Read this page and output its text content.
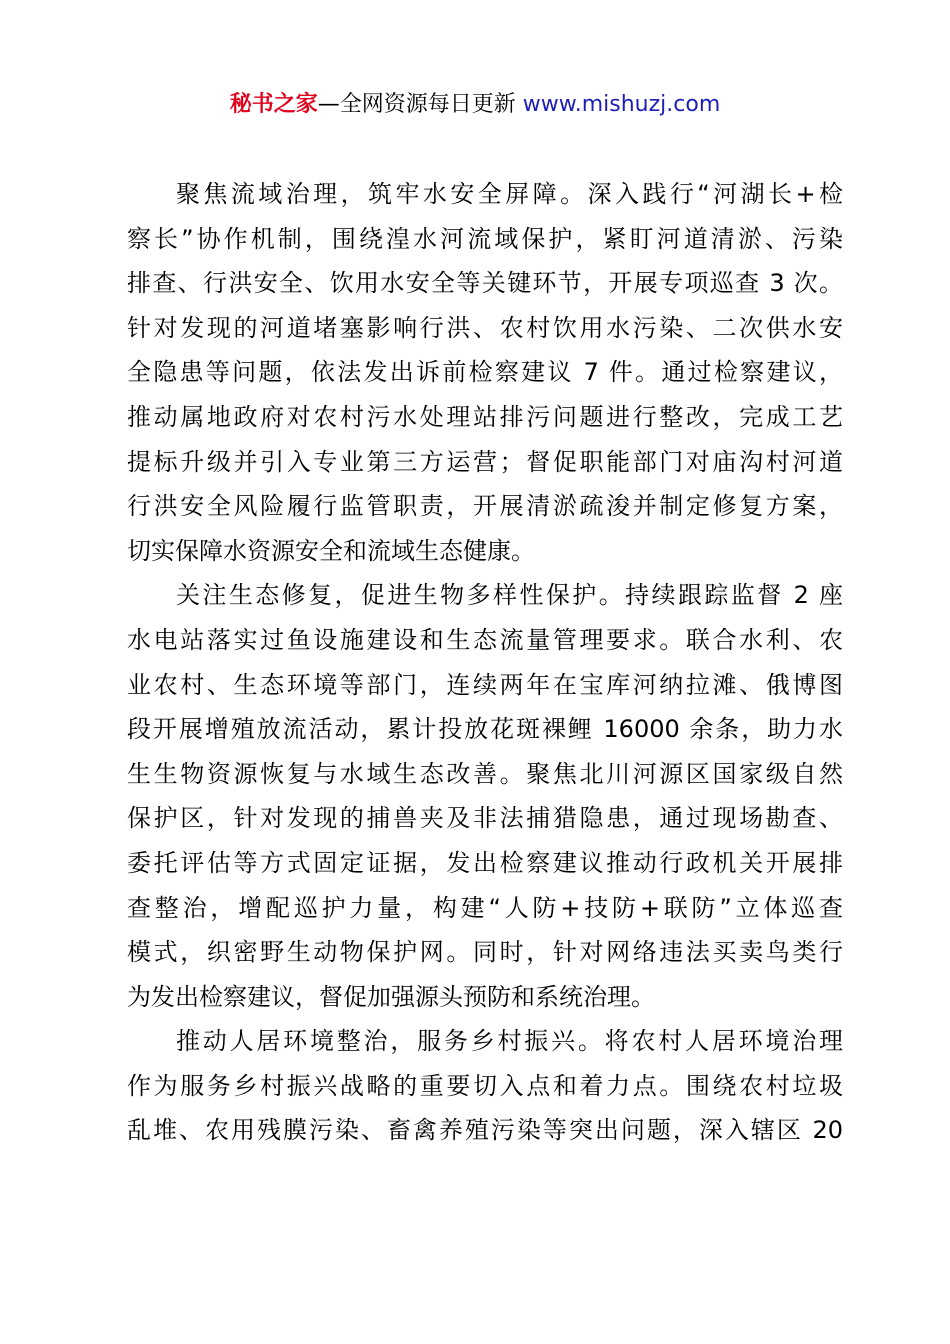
秘书之家—全网资源每日更新 www.mishuzj.com
聚焦流域治理，筑牢水安全屏障。深入践行“河湖长+检
察长”协作机制，围绕湟水河流域保护，紧盯河道清淤、污染
排查、行洪安全、饮用水安全等关键环节，开展专项巡查 3 次。
针对发现的河道堵塞影响行洪、农村饮用水污染、二次供水安
全隐患等问题，依法发出诉前检察建议 7 件。通过检察建议，
推动属地政府对农村污水处理站排污问题进行整改，完成工艺
提标升级并引入专业第三方运营；督促职能部门对庙沟村河道
行洪安全风险履行监管职责，开展清淤疏浚并制定修复方案，
切实保障水资源安全和流域生态健康。
关注生态修复，促进生物多样性保护。持续跟踪监督 2 座
水电站落实过鱼设施建设和生态流量管理要求。联合水利、农
业农村、生态环境等部门，连续两年在宝库河纳拉滩、俄博图
段开展增殖放流活动，累计投放花斑裸鲤 16000 余条，助力水
生生物资源恢复与水域生态改善。聚焦北川河源区国家级自然
保护区，针对发现的捕兽夹及非法捕猎隐患，通过现场勘查、
委托评估等方式固定证据，发出检察建议推动行政机关开展排
查整治，增配巡护力量，构建“人防+技防+联防”立体巡查
模式，织密野生动物保护网。同时，针对网络违法买卖鸟类行
为发出检察建议，督促加强源头预防和系统治理。
推动人居环境整治，服务乡村振兴。将农村人居环境治理
作为服务乡村振兴战略的重要切入点和着力点。围绕农村垃圾
乱堆、农用残膜污染、畜禽养殖污染等突出问题，深入辖区 20
